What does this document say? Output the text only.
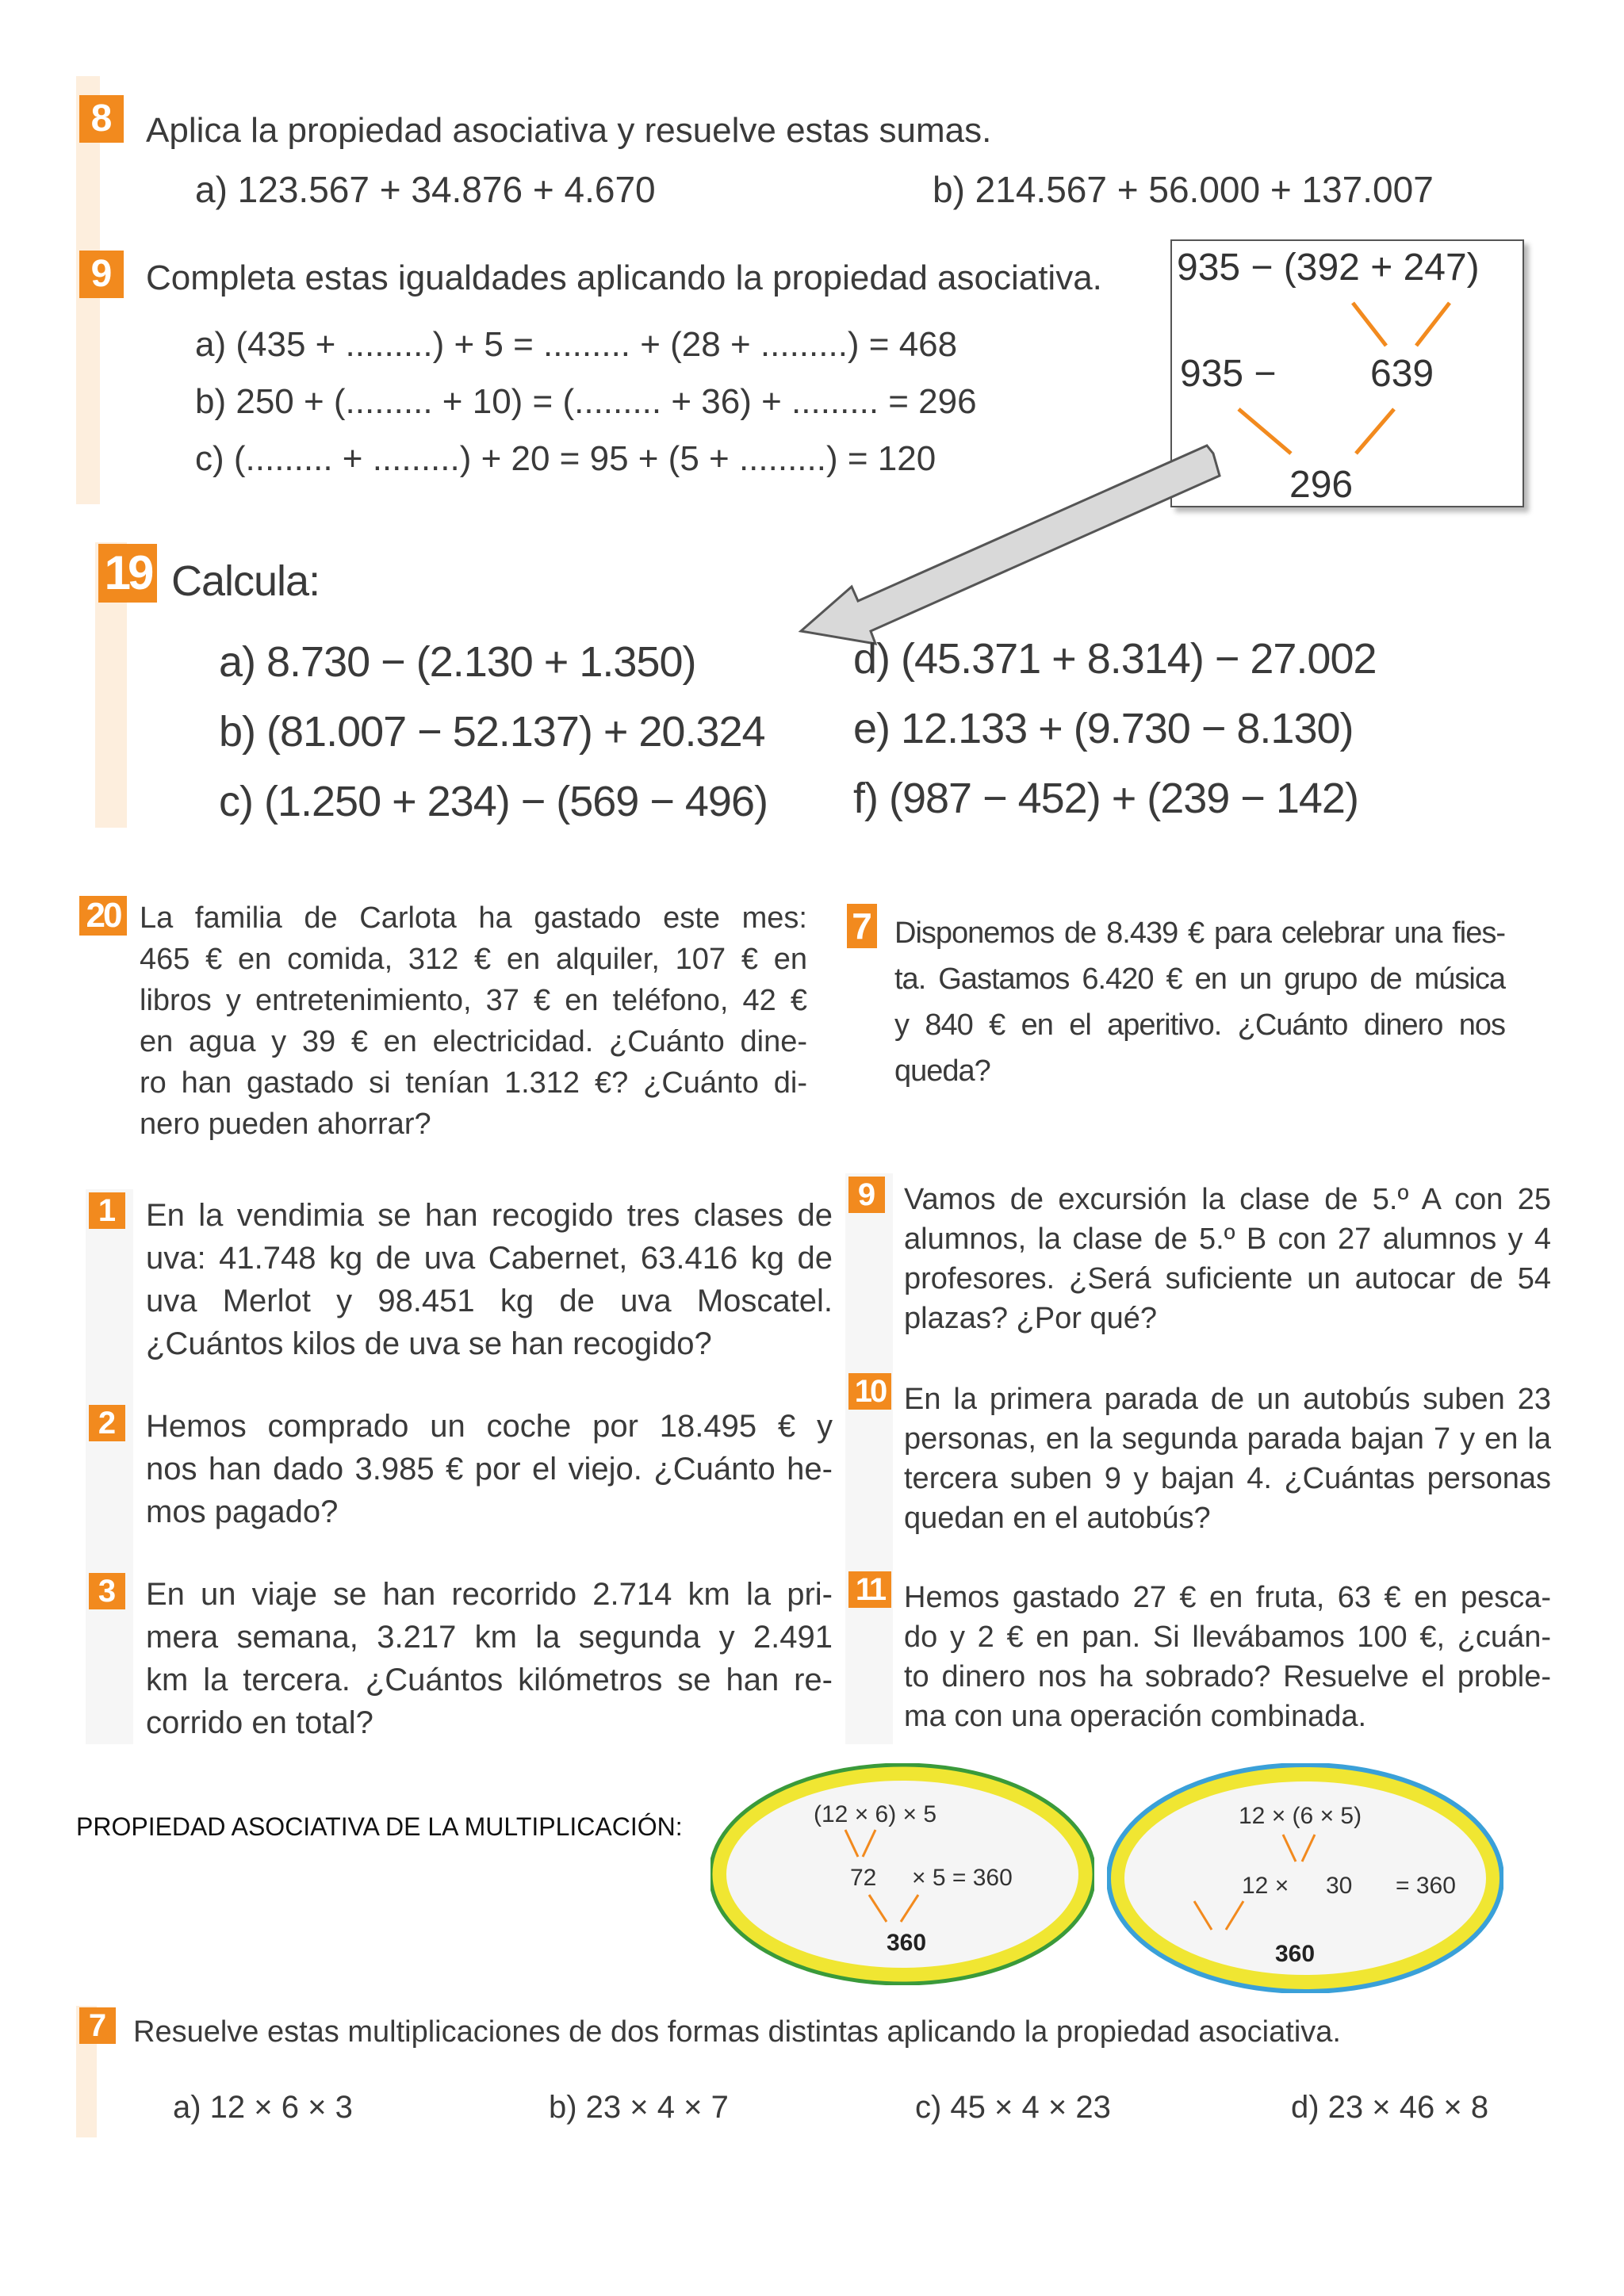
8 Aplica la propiedad asociativa y resuelve estas sumas.
a) 123.567 + 34.876 + 4.670	b) 214.567 + 56.000 + 137.007
9 Completa estas igualdades aplicando la propiedad asociativa.
a) (435 + .........) + 5 = ......... + (28 + .........) = 468
b) 250 + (......... + 10) = (......... + 36) + ......... = 296
c) (......... + .........) + 20 = 95 + (5 + .........) = 120
935 − (392 + 247)
935 − 639
296
19 Calcula:
a) 8.730 − (2.130 + 1.350)
b) (81.007 − 52.137) + 20.324
c) (1.250 + 234) − (569 − 496)
d) (45.371 + 8.314) − 27.002
e) 12.133 + (9.730 − 8.130)
f) (987 − 452) + (239 − 142)
20 La familia de Carlota ha gastado este mes:
465 € en comida, 312 € en alquiler, 107 € en
libros y entretenimiento, 37 € en teléfono, 42 €
en agua y 39 € en electricidad. ¿Cuánto dine-
ro han gastado si tenían 1.312 €? ¿Cuánto di-
nero pueden ahorrar?
7 Disponemos de 8.439 € para celebrar una fies-
ta. Gastamos 6.420 € en un grupo de música
y 840 € en el aperitivo. ¿Cuánto dinero nos
queda?
1 En la vendimia se han recogido tres clases de
uva: 41.748 kg de uva Cabernet, 63.416 kg de
uva Merlot y 98.451 kg de uva Moscatel.
¿Cuántos kilos de uva se han recogido?
9 Vamos de excursión la clase de 5.º A con 25
alumnos, la clase de 5.º B con 27 alumnos y 4
profesores. ¿Será suficiente un autocar de 54
plazas? ¿Por qué?
10 En la primera parada de un autobús suben 23
personas, en la segunda parada bajan 7 y en la
tercera suben 9 y bajan 4. ¿Cuántas personas
quedan en el autobús?
2 Hemos comprado un coche por 18.495 € y
nos han dado 3.985 € por el viejo. ¿Cuánto he-
mos pagado?
3 En un viaje se han recorrido 2.714 km la pri-
mera semana, 3.217 km la segunda y 2.491
km la tercera. ¿Cuántos kilómetros se han re-
corrido en total?
11 Hemos gastado 27 € en fruta, 63 € en pesca-
do y 2 € en pan. Si llevábamos 100 €, ¿cuán-
to dinero nos ha sobrado? Resuelve el proble-
ma con una operación combinada.
PROPIEDAD ASOCIATIVA DE LA MULTIPLICACIÓN:	(12 × 6) × 5
72 × 5 = 360
360
12 × (6 × 5)
12 × 30 = 360
360
7 Resuelve estas multiplicaciones de dos formas distintas aplicando la propiedad asociativa.
a) 12 × 6 × 3	b) 23 × 4 × 7	c) 45 × 4 × 23	d) 23 × 46 × 8
